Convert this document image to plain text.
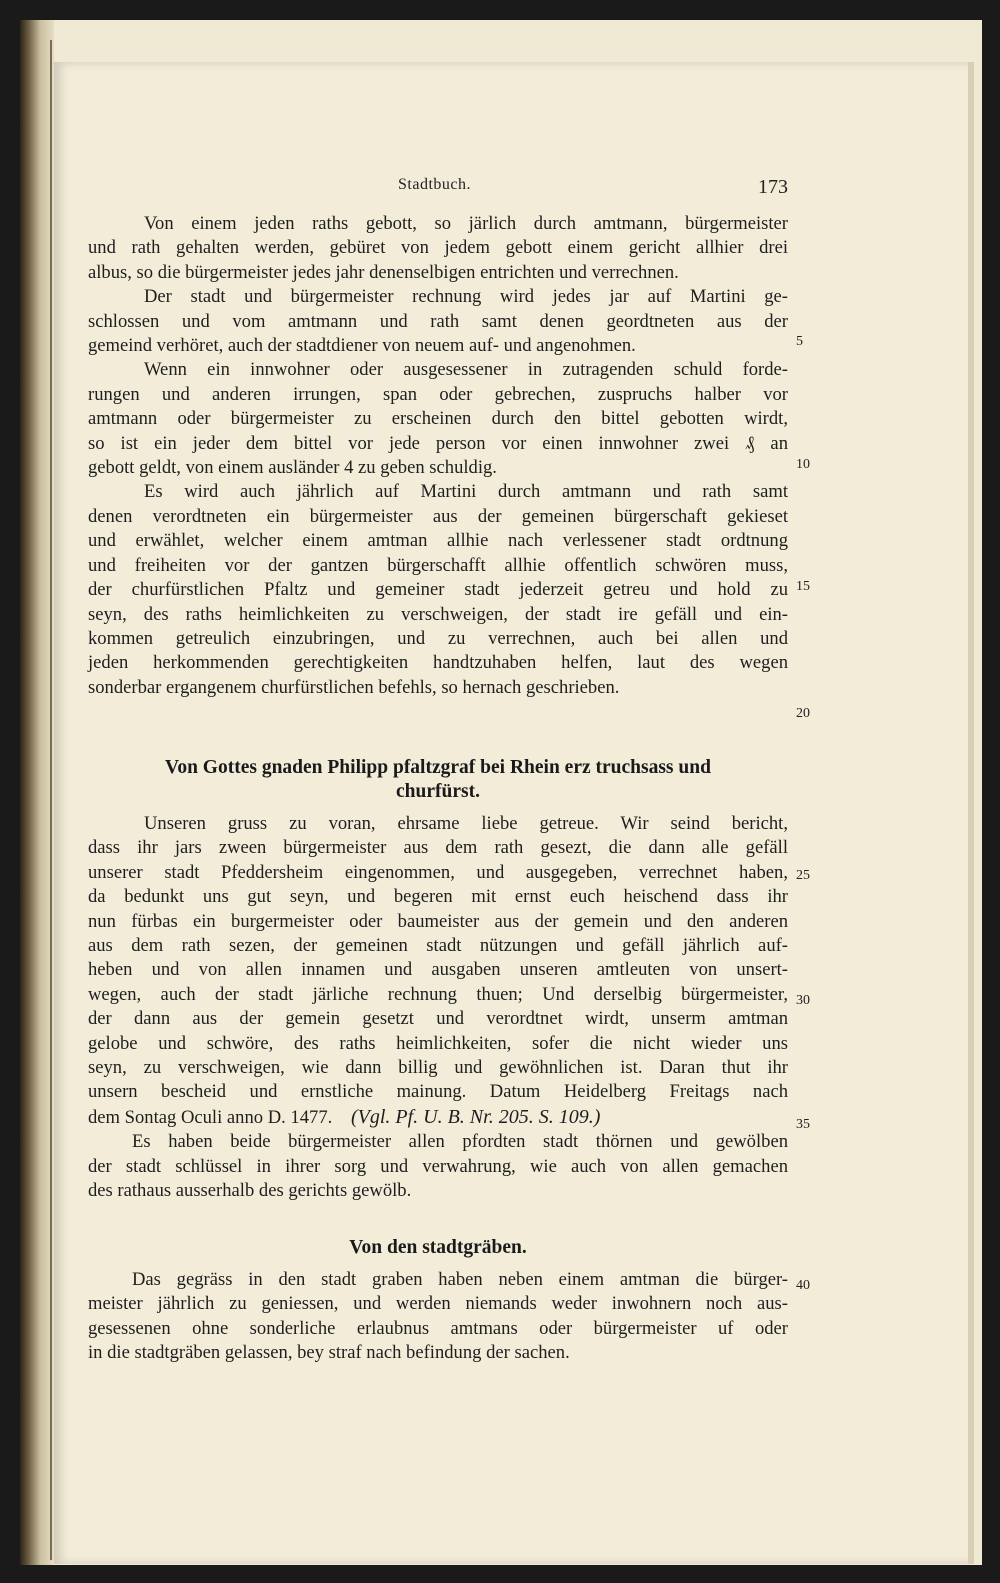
Stadtbuch.	173
Von einem jeden raths gebott, so järlich durch amtmann, bürgermeister
und rath gehalten werden, gebüret von jedem gebott einem gericht allhier drei
albus, so die bürgermeister jedes jahr denenselbigen entrichten und verrechnen.
Der stadt und bürgermeister rechnung wird jedes jar auf Martini ge-
schlossen und vom amtmann und rath samt denen geordtneten aus der
gemeind verhöret, auch der stadtdiener von neuem auf- und angenohmen.
Wenn ein innwohner oder ausgesessener in zutragenden schuld forde-
rungen und anderen irrungen, span oder gebrechen, zuspruchs halber vor
amtmann oder bürgermeister zu erscheinen durch den bittel gebotten wirdt,
so ist ein jeder dem bittel vor jede person vor einen innwohner zwei ₰ an
gebott geldt, von einem ausländer 4 zu geben schuldig.
Es wird auch jährlich auf Martini durch amtmann und rath samt
denen verordtneten ein bürgermeister aus der gemeinen bürgerschaft gekieset
und erwählet, welcher einem amtman allhie nach verlessener stadt ordtnung
und freiheiten vor der gantzen bürgerschafft allhie offentlich schwören muss,
der churfürstlichen Pfaltz und gemeiner stadt jederzeit getreu und hold zu
seyn, des raths heimlichkeiten zu verschweigen, der stadt ire gefäll und ein-
kommen getreulich einzubringen, und zu verrechnen, auch bei allen und
jeden herkommenden gerechtigkeiten handtzuhaben helfen, laut des wegen
sonderbar ergangenem churfürstlichen befehls, so hernach geschrieben.
Von Gottes gnaden Philipp pfaltzgraf bei Rhein erz truchsass und
churfürst.
Unseren gruss zu voran, ehrsame liebe getreue. Wir seind bericht,
dass ihr jars zween bürgermeister aus dem rath gesezt, die dann alle gefäll
unserer stadt Pfeddersheim eingenommen, und ausgegeben, verrechnet haben,
da bedunkt uns gut seyn, und begeren mit ernst euch heischend dass ihr
nun fürbas ein burgermeister oder baumeister aus der gemein und den anderen
aus dem rath sezen, der gemeinen stadt nützungen und gefäll jährlich auf-
heben und von allen innamen und ausgaben unseren amtleuten von unsert-
wegen, auch der stadt järliche rechnung thuen; Und derselbig bürgermeister,
der dann aus der gemein gesetzt und verordtnet wirdt, unserm amtman
gelobe und schwöre, des raths heimlichkeiten, sofer die nicht wieder uns
seyn, zu verschweigen, wie dann billig und gewöhnlichen ist. Daran thut ihr
unsern bescheid und ernstliche mainung. Datum Heidelberg Freitags nach
dem Sontag Oculi anno D. 1477. (Vgl. Pf. U. B. Nr. 205. S. 109.)
Es haben beide bürgermeister allen pfordten stadt thörnen und gewölben
der stadt schlüssel in ihrer sorg und verwahrung, wie auch von allen gemachen
des rathaus ausserhalb des gerichts gewölb.
Von den stadtgräben.
Das gegräss in den stadt graben haben neben einem amtman die bürger-
meister jährlich zu geniessen, und werden niemands weder inwohnern noch aus-
gesessenen ohne sonderliche erlaubnus amtmans oder bürgermeister uf oder
in die stadtgräben gelassen, bey straf nach befindung der sachen.
5
10
15
20
25
30
35
40
